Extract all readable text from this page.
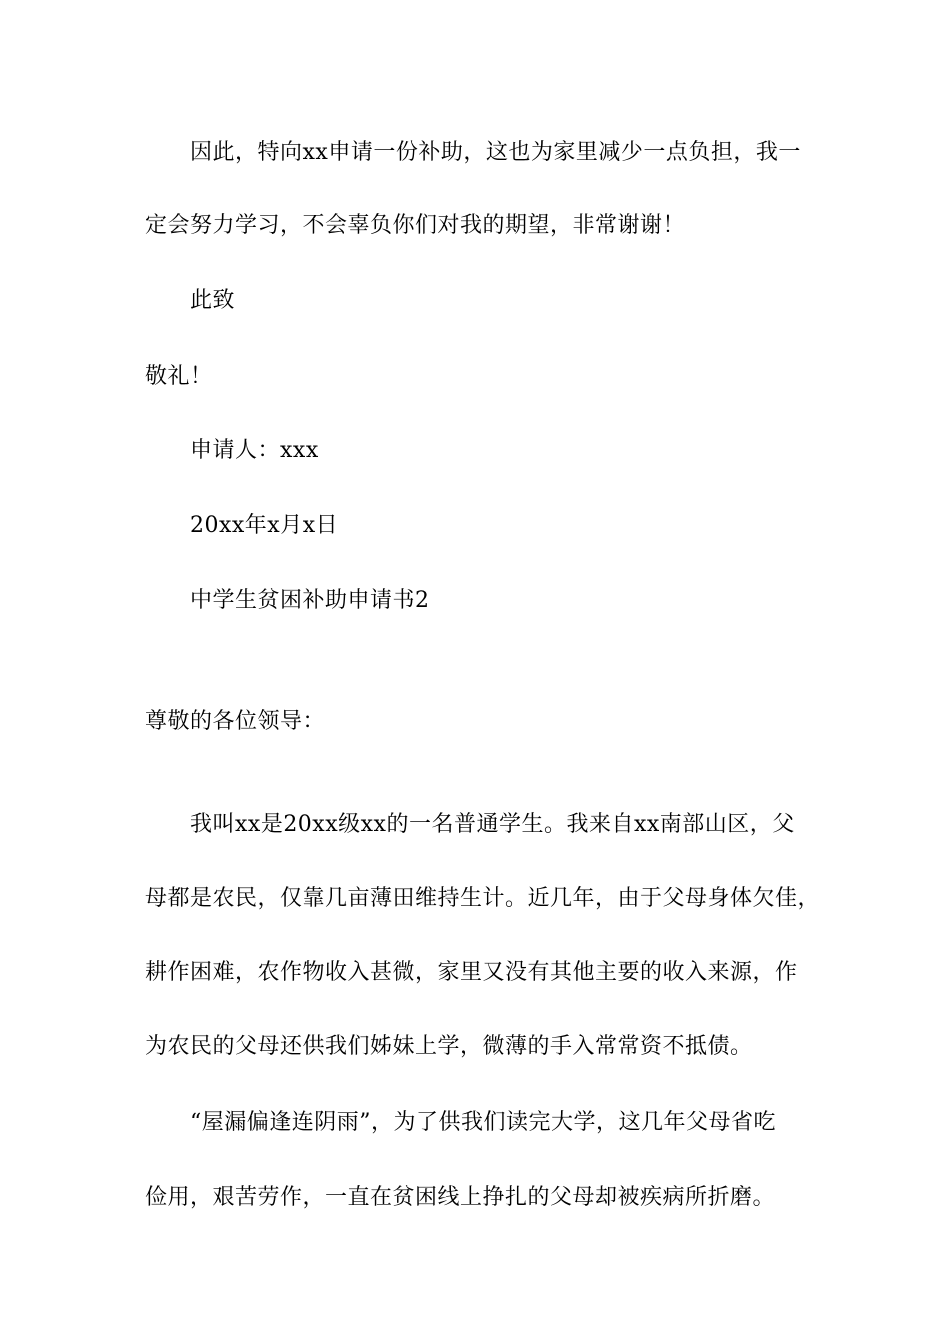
因此，特向xx申请一份补助，这也为家里减少一点负担，我一
定会努力学习，不会辜负你们对我的期望，非常谢谢！
此致
敬礼！
申请人：xxx
20xx年x月x日
中学生贫困补助申请书2
尊敬的各位领导：
我叫xx是20xx级xx的一名普通学生。我来自xx南部山区，父
母都是农民，仅靠几亩薄田维持生计。近几年，由于父母身体欠佳，
耕作困难，农作物收入甚微，家里又没有其他主要的收入来源，作
为农民的父母还供我们姊妹上学，微薄的手入常常资不抵债。
“屋漏偏逢连阴雨”，为了供我们读完大学，这几年父母省吃
俭用，艰苦劳作，一直在贫困线上挣扎的父母却被疾病所折磨。
